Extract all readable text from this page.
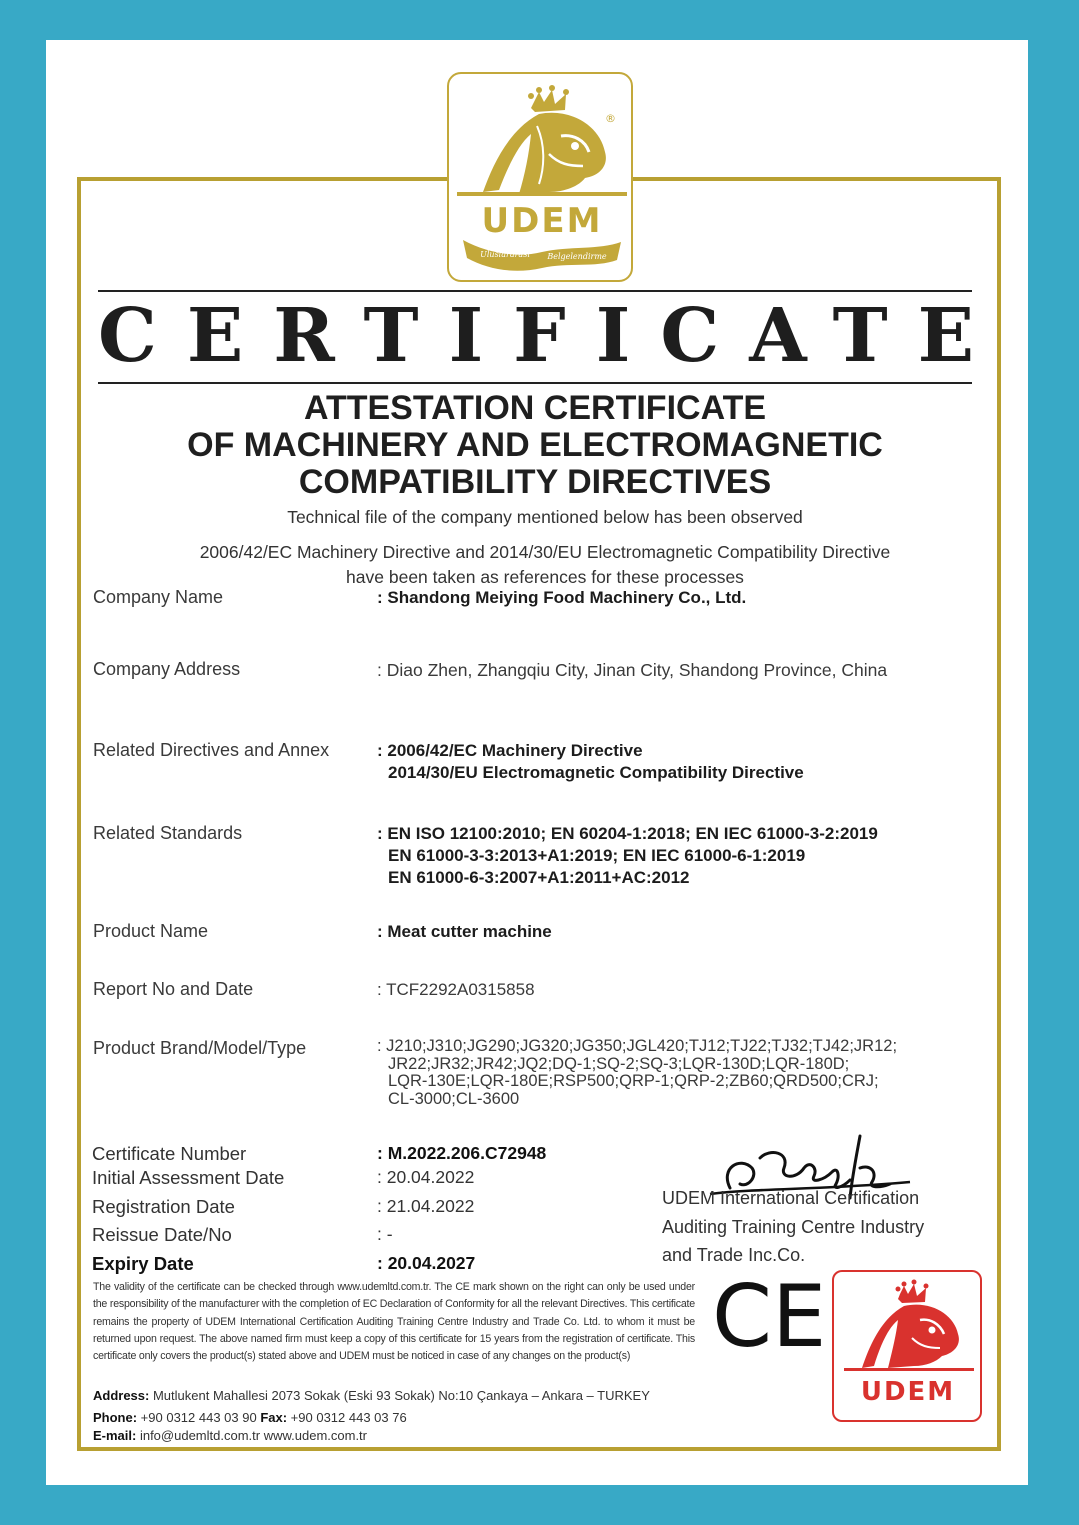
®
UDEM
Uluslararası Belgelendirme
CERTIFICATE
ATTESTATION CERTIFICATE
OF MACHINERY AND ELECTROMAGNETIC
COMPATIBILITY DIRECTIVES
Technical file of the company mentioned below has been observed
2006/42/EC Machinery Directive and 2014/30/EU Electromagnetic Compatibility Directive
have been taken as references for these processes
Company Name	: Shandong Meiying Food Machinery Co., Ltd.
Company Address	: Diao Zhen, Zhangqiu City, Jinan City, Shandong Province, China
Related Directives and Annex	: 2006/42/EC Machinery Directive
2014/30/EU Electromagnetic Compatibility Directive
Related Standards	: EN ISO 12100:2010; EN 60204-1:2018; EN IEC 61000-3-2:2019
EN 61000-3-3:2013+A1:2019; EN IEC 61000-6-1:2019
EN 61000-6-3:2007+A1:2011+AC:2012
Product Name	: Meat cutter machine
Report No and Date	: TCF2292A0315858
Product Brand/Model/Type	: J210;J310;JG290;JG320;JG350;JGL420;TJ12;TJ22;TJ32;TJ42;JR12;
JR22;JR32;JR42;JQ2;DQ-1;SQ-2;SQ-3;LQR-130D;LQR-180D;
LQR-130E;LQR-180E;RSP500;QRP-1;QRP-2;ZB60;QRD500;CRJ;
CL-3000;CL-3600
Certificate Number	: M.2022.206.C72948
Initial Assessment Date	: 20.04.2022
Registration Date	: 21.04.2022
Reissue Date/No	: -
Expiry Date	: 20.04.2027
UDEM International Certification
Auditing Training Centre Industry
and Trade Inc.Co.
The validity of the certificate can be checked through www.udemltd.com.tr. The CE mark shown on the right can only be used under the responsibility of the manufacturer with the completion of EC Declaration of Conformity for all the relevant Directives. This certificate remains the property of UDEM International Certification Auditing Training Centre Industry and Trade Co. Ltd. to whom it must be returned upon request. The above named firm must keep a copy of this certificate for 15 years from the registration of certificate. This certificate only covers the product(s) stated above and UDEM must be noticed in case of any changes on the product(s)
Address: Mutlukent Mahallesi 2073 Sokak (Eski 93 Sokak) No:10 Çankaya – Ankara – TURKEY
Phone: +90 0312 443 03 90 Fax: +90 0312 443 03 76
E-mail: info@udemltd.com.tr www.udem.com.tr
CE
UDEM
